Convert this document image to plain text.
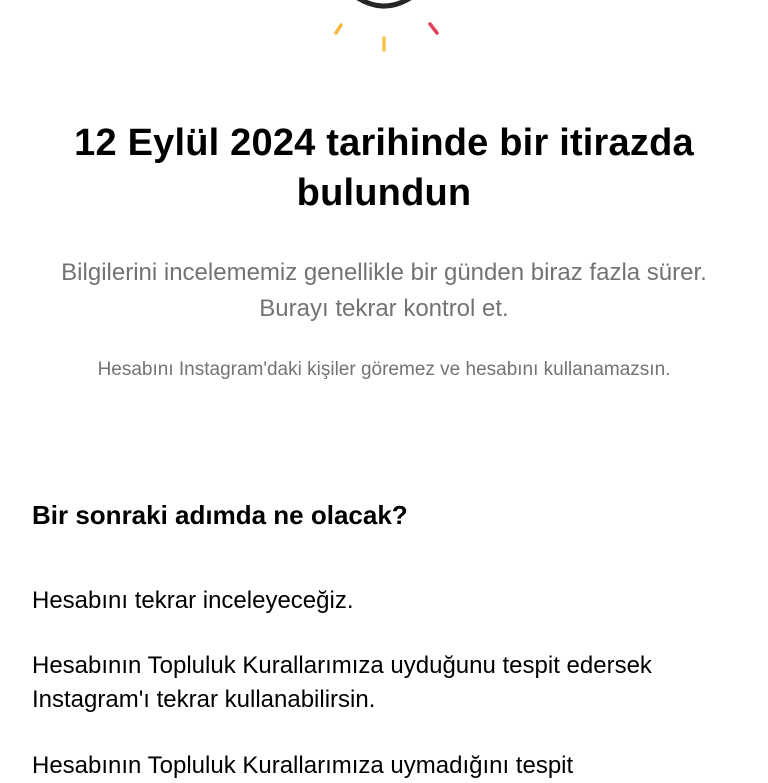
12 Eylül 2024 tarihinde bir itirazda bulundun

Bilgilerini incelememiz genellikle bir günden biraz fazla sürer. Burayı tekrar kontrol et.

Hesabını Instagram'daki kişiler göremez ve hesabını kullanamazsın.

Bir sonraki adımda ne olacak?

Hesabını tekrar inceleyeceğiz.

Hesabının Topluluk Kurallarımıza uyduğunu tespit edersek Instagram'ı tekrar kullanabilirsin.

Hesabının Topluluk Kurallarımıza uymadığını tespit
